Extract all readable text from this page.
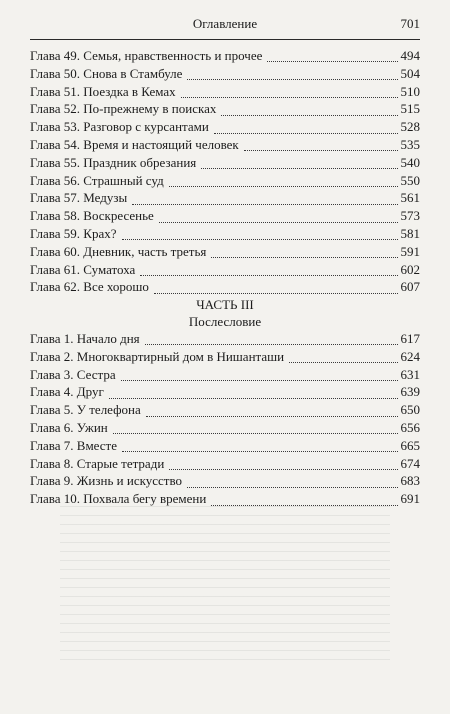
Оглавление	701
Глава 49. Семья, нравственность и прочее	494
Глава 50. Снова в Стамбуле	504
Глава 51. Поездка в Кемах	510
Глава 52. По-прежнему в поисках	515
Глава 53. Разговор с курсантами	528
Глава 54. Время и настоящий человек	535
Глава 55. Праздник обрезания	540
Глава 56. Страшный суд	550
Глава 57. Медузы	561
Глава 58. Воскресенье	573
Глава 59. Крах?	581
Глава 60. Дневник, часть третья	591
Глава 61. Суматоха	602
Глава 62. Все хорошо	607
ЧАСТЬ III
Послесловие
Глава 1. Начало дня	617
Глава 2. Многоквартирный дом в Нишанташи	624
Глава 3. Сестра	631
Глава 4. Друг	639
Глава 5. У телефона	650
Глава 6. Ужин	656
Глава 7. Вместе	665
Глава 8. Старые тетради	674
Глава 9. Жизнь и искусство	683
Глава 10. Похвала бегу времени	691
